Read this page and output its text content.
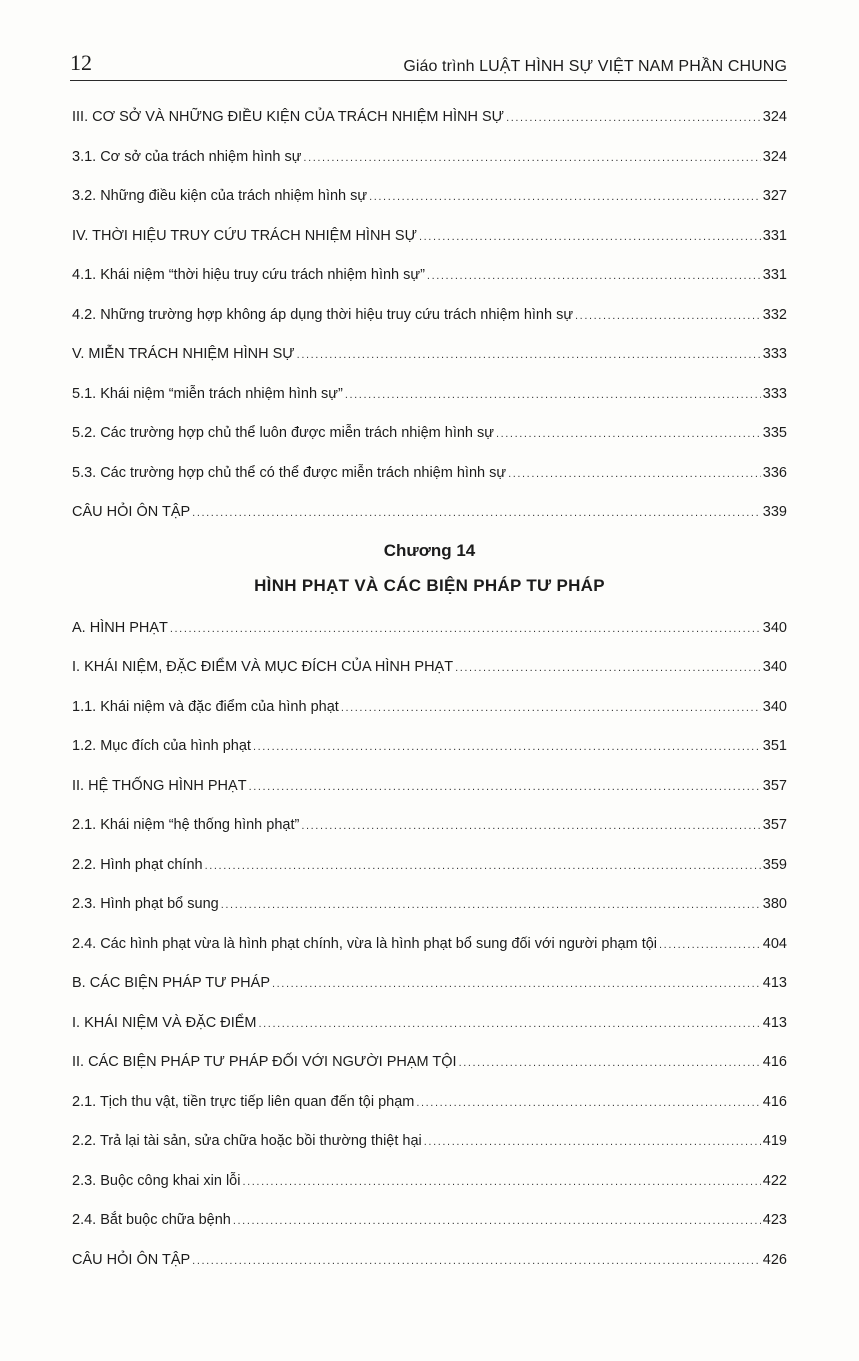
12	Giáo trình LUẬT HÌNH SỰ VIỆT NAM PHẦN CHUNG
III. CƠ SỞ VÀ NHỮNG ĐIỀU KIỆN CỦA TRÁCH NHIỆM HÌNH SỰ .....	324
3.1. Cơ sở của trách nhiệm hình sự .....	324
3.2. Những điều kiện của trách nhiệm hình sự .....	327
IV. THỜI HIỆU TRUY CỨU TRÁCH NHIỆM HÌNH SỰ .....	331
4.1. Khái niệm “thời hiệu truy cứu trách nhiệm hình sự” .....	331
4.2. Những trường hợp không áp dụng thời hiệu truy cứu trách nhiệm hình sự .....	332
V. MIỄN TRÁCH NHIỆM HÌNH SỰ .....	333
5.1. Khái niệm “miễn trách nhiệm hình sự” .....	333
5.2. Các trường hợp chủ thể luôn được miễn trách nhiệm hình sự .....	335
5.3. Các trường hợp chủ thể có thể được miễn trách nhiệm hình sự .....	336
CÂU HỎI ÔN TẬP .....	339
Chương 14
HÌNH PHẠT VÀ CÁC BIỆN PHÁP TƯ PHÁP
A. HÌNH PHẠT .....	340
I. KHÁI NIỆM, ĐẶC ĐIỂM VÀ MỤC ĐÍCH CỦA HÌNH PHẠT .....	340
1.1. Khái niệm và đặc điểm của hình phạt .....	340
1.2. Mục đích của hình phạt .....	351
II. HỆ THỐNG HÌNH PHẠT .....	357
2.1. Khái niệm “hệ thống hình phạt” .....	357
2.2. Hình phạt chính .....	359
2.3. Hình phạt bổ sung .....	380
2.4. Các hình phạt vừa là hình phạt chính, vừa là hình phạt bổ sung đối với người phạm tội .....	404
B. CÁC BIỆN PHÁP TƯ PHÁP .....	413
I. KHÁI NIỆM VÀ ĐẶC ĐIỂM .....	413
II. CÁC BIỆN PHÁP TƯ PHÁP ĐỐI VỚI NGƯỜI PHẠM TỘI .....	416
2.1. Tịch thu vật, tiền trực tiếp liên quan đến tội phạm .....	416
2.2. Trả lại tài sản, sửa chữa hoặc bồi thường thiệt hại .....	419
2.3. Buộc công khai xin lỗi .....	422
2.4. Bắt buộc chữa bệnh .....	423
CÂU HỎI ÔN TẬP .....	426
